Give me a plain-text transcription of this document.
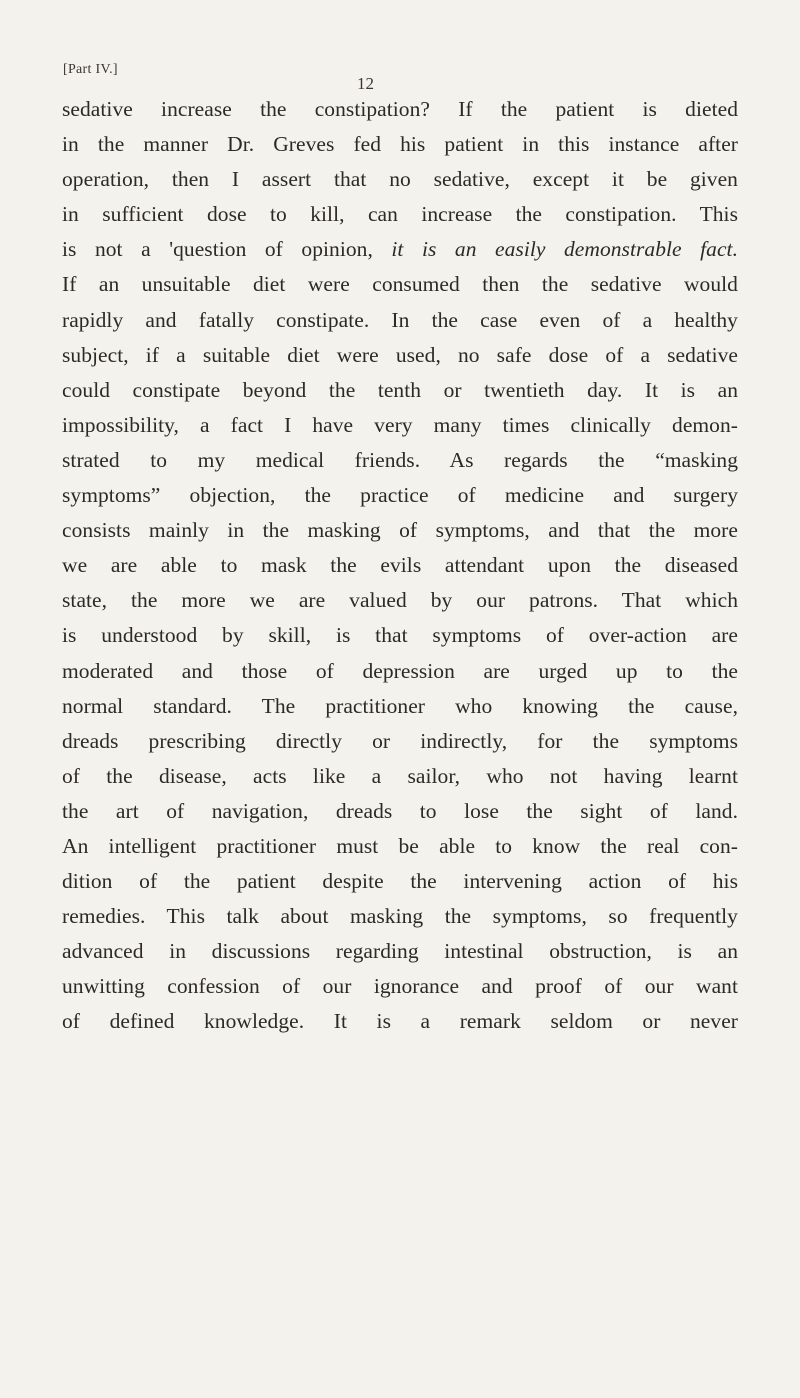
[Part IV.]
12
sedative increase the constipation? If the patient is dieted
in the manner Dr. Greves fed his patient in this instance after
operation, then I assert that no sedative, except it be given
in sufficient dose to kill, can increase the constipation. This
is not a 'question of opinion, it is an easily demonstrable fact.
If an unsuitable diet were consumed then the sedative would
rapidly and fatally constipate. In the case even of a healthy
subject, if a suitable diet were used, no safe dose of a sedative
could constipate beyond the tenth or twentieth day. It is an
impossibility, a fact I have very many times clinically demon-
strated to my medical friends. As regards the “masking
symptoms” objection, the practice of medicine and surgery
consists mainly in the masking of symptoms, and that the more
we are able to mask the evils attendant upon the diseased
state, the more we are valued by our patrons. That which
is understood by skill, is that symptoms of over-action are
moderated and those of depression are urged up to the
normal standard. The practitioner who knowing the cause,
dreads prescribing directly or indirectly, for the symptoms
of the disease, acts like a sailor, who not having learnt
the art of navigation, dreads to lose the sight of land.
An intelligent practitioner must be able to know the real con-
dition of the patient despite the intervening action of his
remedies. This talk about masking the symptoms, so frequently
advanced in discussions regarding intestinal obstruction, is an
unwitting confession of our ignorance and proof of our want
of defined knowledge. It is a remark seldom or never
